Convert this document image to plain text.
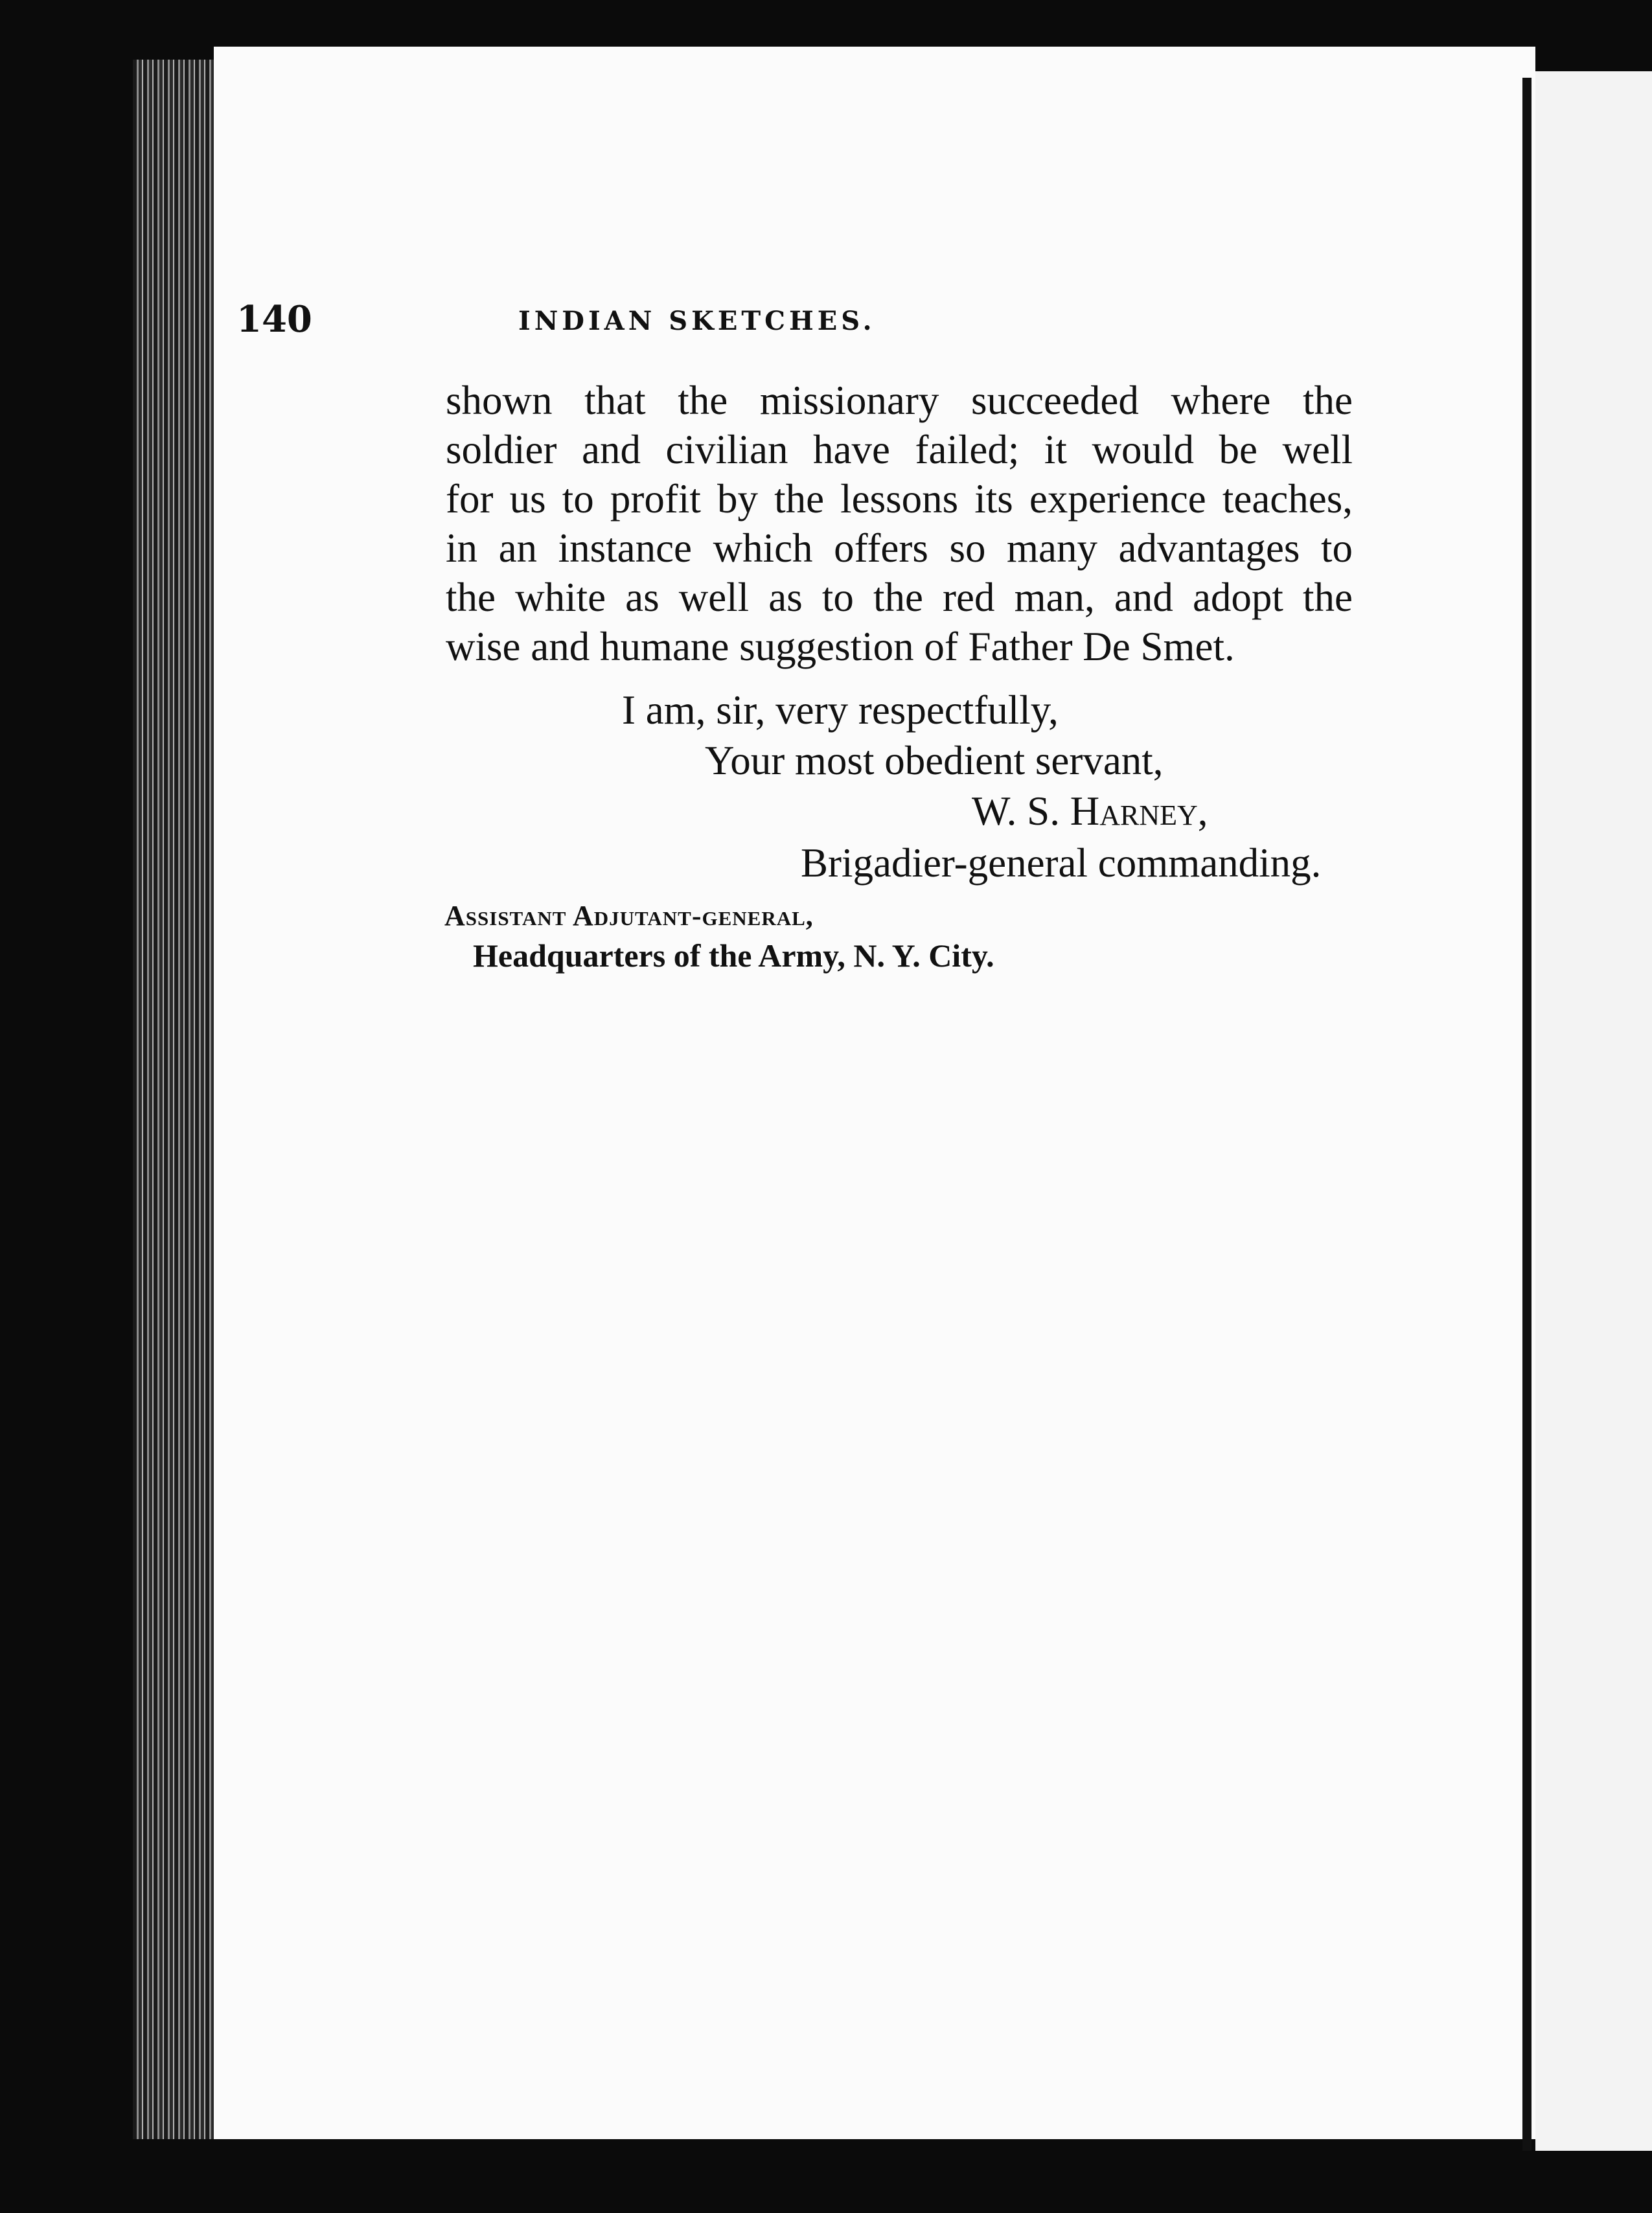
140	INDIAN SKETCHES.
shown that the missionary succeeded where the
soldier and civilian have failed; it would be well
for us to profit by the lessons its experience teaches,
in an instance which offers so many advantages to
the white as well as to the red man, and adopt the
wise and humane suggestion of Father De Smet.
I am, sir, very respectfully,
Your most obedient servant,
W. S. Harney,
Brigadier-general commanding.
Assistant Adjutant-general,
Headquarters of the Army, N. Y. City.
